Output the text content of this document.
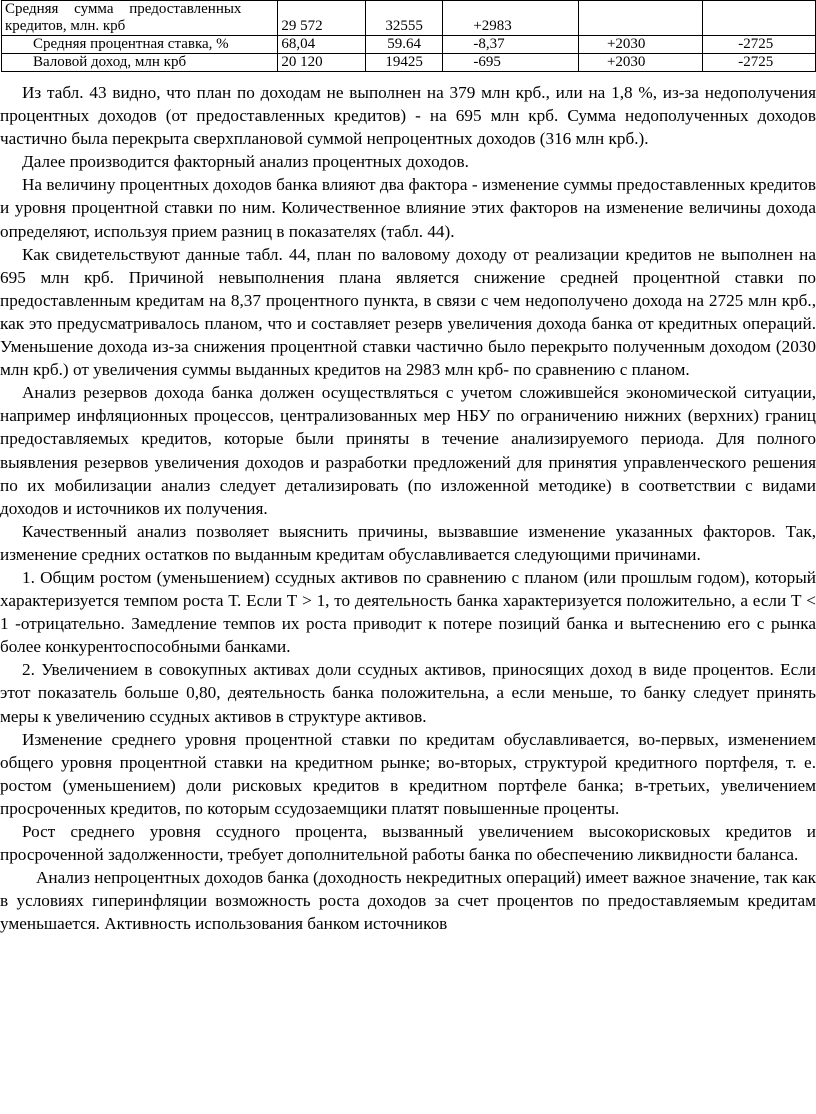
Средняя сумма предоставленных
кредитов, млн. крб	29 572	32555	+2983		
Средняя процентная ставка, %	68,04	59.64	-8,37	+2030	-2725
Валовой доход, млн крб	20 120	19425	-695	+2030	-2725

Из табл. 43 видно, что план по доходам не выполнен на 379 млн крб., или на 1,8 %, из-за недополучения процентных доходов (от предоставленных кредитов) - на 695 млн крб. Сумма недополученных доходов частично была перекрыта сверхплановой суммой непроцентных доходов (316 млн крб.).

Далее производится факторный анализ процентных доходов.

На величину процентных доходов банка влияют два фактора - изменение суммы предоставленных кредитов и уровня процентной ставки по ним. Количественное влияние этих факторов на изменение величины дохода определяют, используя прием разниц в показателях (табл. 44).

Как свидетельствуют данные табл. 44, план по валовому доходу от реализации кредитов не выполнен на 695 млн крб. Причиной невыполнения плана является снижение средней процентной ставки по предоставленным кредитам на 8,37 процентного пункта, в связи с чем недополучено дохода на 2725 млн крб., как это предусматривалось планом, что и составляет резерв увеличения дохода банка от кредитных операций. Уменьшение дохода из-за снижения процентной ставки частично было перекрыто полученным доходом (2030 млн крб.) от увеличения суммы выданных кредитов на 2983 млн крб- по сравнению с планом.

Анализ резервов дохода банка должен осуществляться с учетом сложившейся экономической ситуации, например инфляционных процессов, централизованных мер НБУ по ограничению нижних (верхних) границ предоставляемых кредитов, которые были приняты в течение анализируемого периода. Для полного выявления резервов увеличения доходов и разработки предложений для принятия управленческого решения по их мобилизации анализ следует детализировать (по изложенной методике) в соответствии с видами доходов и источников их получения.

Качественный анализ позволяет выяснить причины, вызвавшие изменение указанных факторов. Так, изменение средних остатков по выданным кредитам обуславливается следующими причинами.

1. Общим ростом (уменьшением) ссудных активов по сравнению с планом (или прошлым годом), который характеризуется темпом роста Т. Если Т > 1, то деятельность банка характеризуется положительно, а если Т < 1 -отрицательно. Замедление темпов их роста приводит к потере позиций банка и вытеснению его с рынка более конкурентоспособными банками.

2. Увеличением в совокупных активах доли ссудных активов, приносящих доход в виде процентов. Если этот показатель больше 0,80, деятельность банка положительна, а если меньше, то банку следует принять меры к увеличению ссудных активов в структуре активов.

Изменение среднего уровня процентной ставки по кредитам обуславливается, во-первых, изменением общего уровня процентной ставки на кредитном рынке; во-вторых, структурой кредитного портфеля, т. е. ростом (уменьшением) доли рисковых кредитов в кредитном портфеле банка; в-третьих, увеличением просроченных кредитов, по которым ссудозаемщики платят повышенные проценты.

Рост среднего уровня ссудного процента, вызванный увеличением высокорисковых кредитов и просроченной задолженности, требует дополнительной работы банка по обеспечению ликвидности баланса.

Анализ непроцентных доходов банка (доходность некредитных операций) имеет важное значение, так как в условиях гиперинфляции возможность роста доходов за счет процентов по предоставляемым кредитам уменьшается. Активность использования банком источников
